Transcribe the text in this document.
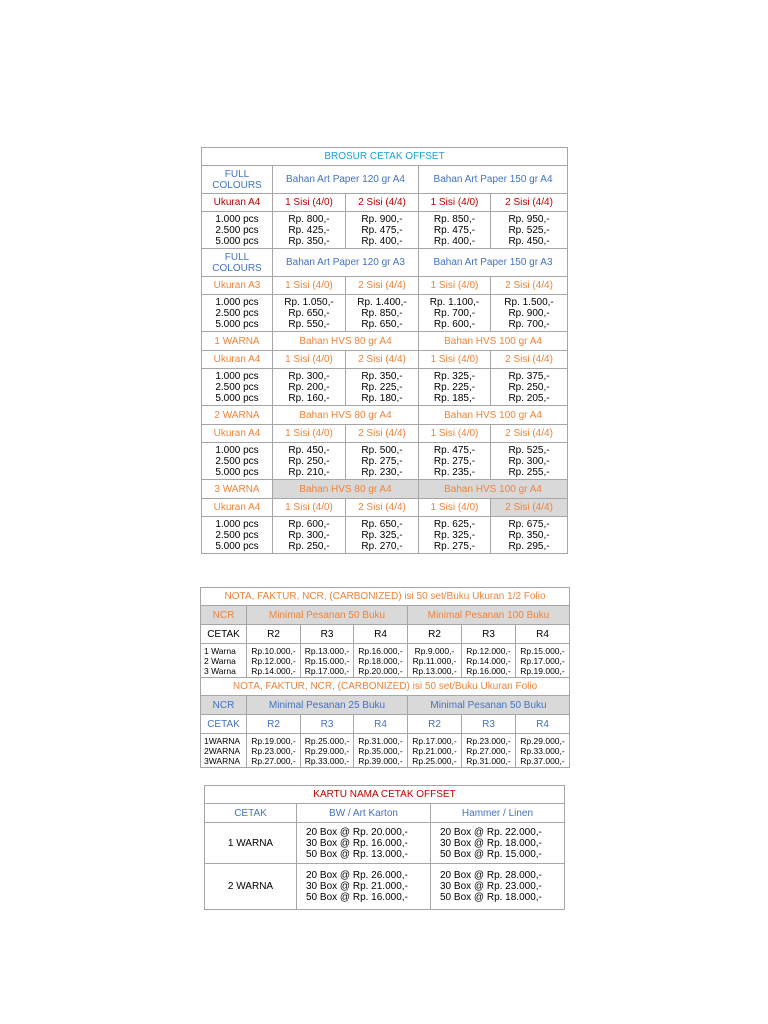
BROSUR CETAK OFFSET				

FULL
COLOURS	Bahan Art Paper 120 gr A4		Bahan Art Paper 150 gr A4	
Ukuran A4	1 Sisi (4/0)	2 Sisi (4/4)	1 Sisi (4/0)	2 Sisi (4/4)

1.000 pcs
2.500 pcs
5.000 pcs	Rp. 800,-
Rp. 425,-
Rp. 350,-	Rp. 900,-
Rp. 475,-
Rp. 400,-	Rp. 850,-
Rp. 475,-
Rp. 400,-	Rp. 950,-
Rp. 525,-
Rp. 450,-

FULL
COLOURS	Bahan Art Paper 120 gr A3		Bahan Art Paper 150 gr A3	
Ukuran A3	1 Sisi (4/0)	2 Sisi (4/4)	1 Sisi (4/0)	2 Sisi (4/4)

1.000 pcs
2.500 pcs
5.000 pcs	Rp. 1.050,-
Rp. 650,-
Rp. 550,-	Rp. 1.400,-
Rp. 850,-
Rp. 650,-	Rp. 1.100,-
Rp. 700,-
Rp. 600,-	Rp. 1.500,-
Rp. 900,-
Rp. 700,-

1 WARNA	Bahan HVS 80 gr A4		Bahan HVS 100 gr A4	
Ukuran A4	1 Sisi (4/0)	2 Sisi (4/4)	1 Sisi (4/0)	2 Sisi (4/4)

1.000 pcs
2.500 pcs
5.000 pcs	Rp. 300,-
Rp. 200,-
Rp. 160,-	Rp. 350,-
Rp. 225,-
Rp. 180,-	Rp. 325,-
Rp. 225,-
Rp. 185,-	Rp. 375,-
Rp. 250,-
Rp. 205,-

2 WARNA	Bahan HVS 80 gr A4		Bahan HVS 100 gr A4	
Ukuran A4	1 Sisi (4/0)	2 Sisi (4/4)	1 Sisi (4/0)	2 Sisi (4/4)

1.000 pcs
2.500 pcs
5.000 pcs	Rp. 450,-
Rp. 250,-
Rp. 210,-	Rp. 500,-
Rp. 275,-
Rp. 230,-	Rp. 475,-
Rp. 275,-
Rp. 235,-	Rp. 525,-
Rp. 300,-
Rp. 255,-

3 WARNA	Bahan HVS 80 gr A4		Bahan HVS 100 gr A4	
Ukuran A4	1 Sisi (4/0)	2 Sisi (4/4)	1 Sisi (4/0)	2 Sisi (4/4)

1.000 pcs
2.500 pcs
5.000 pcs	Rp. 600,-
Rp. 300,-
Rp. 250,-	Rp. 650,-
Rp. 325,-
Rp. 270,-	Rp. 625,-
Rp. 325,-
Rp. 275,-	Rp. 675,-
Rp. 350,-
Rp. 295,-
NOTA, FAKTUR, NCR, (CARBONIZED) isi 50 set/Buku Ukuran 1/2 Folio						
NCR	Minimal Pesanan 50 Buku			Minimal Pesanan 100 Buku		
CETAK	R2	R3	R4	R2	R3	R4

1 Warna
2 Warna
3 Warna	Rp.10.000,-
Rp.12.000,-
Rp.14.000,-	Rp.13.000,-
Rp.15.000,-
Rp.17.000,-	Rp.16.000,-
Rp.18.000,-
Rp.20.000,-	Rp.9.000,-
Rp.11.000,-
Rp.13.000,-	Rp.12.000,-
Rp.14.000,-
Rp.16.000,-	Rp.15.000,-
Rp.17.000,-
Rp.19.000,-

NOTA, FAKTUR, NCR, (CARBONIZED) isi 50 set/Buku Ukuran Folio						
NCR	Minimal Pesanan 25 Buku			Minimal Pesanan 50 Buku		
CETAK	R2	R3	R4	R2	R3	R4

1WARNA
2WARNA
3WARNA	Rp.19.000,-
Rp.23.000,-
Rp.27.000,-	Rp.25.000,-
Rp.29.000,-
Rp.33.000,-	Rp.31.000,-
Rp.35.000,-
Rp.39.000,-	Rp.17.000,-
Rp.21.000,-
Rp.25.000,-	Rp.23.000,-
Rp.27.000,-
Rp.31.000,-	Rp.29.000,-
Rp.33.000,-
Rp.37.000,-
KARTU NAMA CETAK OFFSET		
CETAK	BW / Art Karton	Hammer / Linen
1 WARNA	20 Box @ Rp. 20.000,-
30 Box @ Rp. 16.000,-
50 Box @ Rp. 13.000,-	20 Box @ Rp. 22.000,-
30 Box @ Rp. 18.000,-
50 Box @ Rp. 15.000,-

2 WARNA	20 Box @ Rp. 26.000,-
30 Box @ Rp. 21.000,-
50 Box @ Rp. 16.000,-	20 Box @ Rp. 28.000,-
30 Box @ Rp. 23.000,-
50 Box @ Rp. 18.000,-
